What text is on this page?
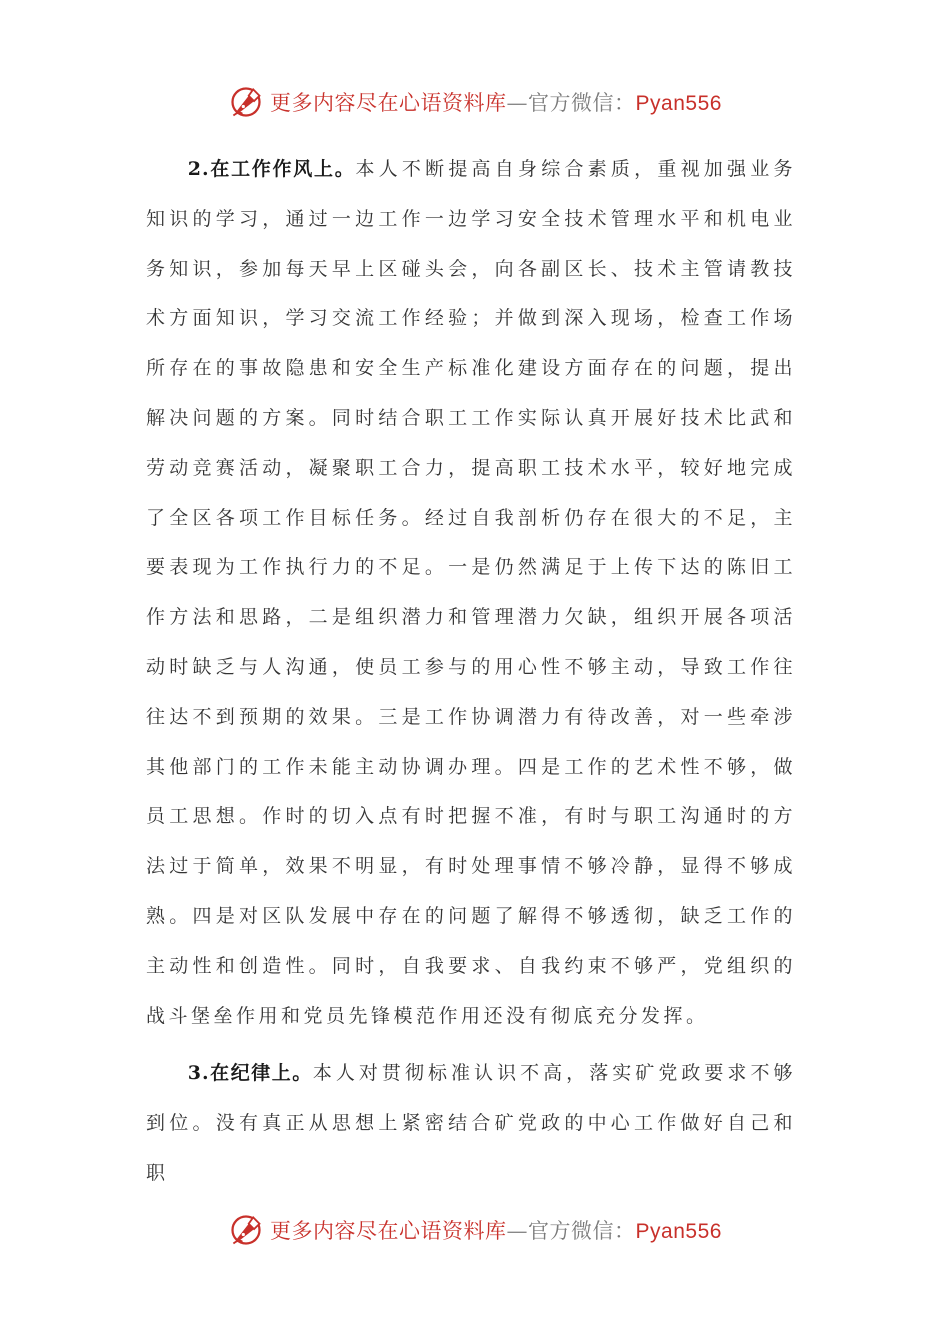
更多内容尽在心语资料库—官方微信：Pyan556

2.在工作作风上。本人不断提高自身综合素质，重视加强业务知识的学习，通过一边工作一边学习安全技术管理水平和机电业务知识，参加每天早上区碰头会，向各副区长、技术主管请教技术方面知识，学习交流工作经验；并做到深入现场，检查工作场所存在的事故隐患和安全生产标准化建设方面存在的问题，提出解决问题的方案。同时结合职工工作实际认真开展好技术比武和劳动竞赛活动，凝聚职工合力，提高职工技术水平，较好地完成了全区各项工作目标任务。经过自我剖析仍存在很大的不足，主要表现为工作执行力的不足。一是仍然满足于上传下达的陈旧工作方法和思路，二是组织潜力和管理潜力欠缺，组织开展各项活动时缺乏与人沟通，使员工参与的用心性不够主动，导致工作往往达不到预期的效果。三是工作协调潜力有待改善，对一些牵涉其他部门的工作未能主动协调办理。四是工作的艺术性不够，做员工思想。作时的切入点有时把握不准，有时与职工沟通时的方法过于简单，效果不明显，有时处理事情不够冷静，显得不够成熟。四是对区队发展中存在的问题了解得不够透彻，缺乏工作的主动性和创造性。同时，自我要求、自我约束不够严，党组织的战斗堡垒作用和党员先锋模范作用还没有彻底充分发挥。

3.在纪律上。本人对贯彻标准认识不高，落实矿党政要求不够到位。没有真正从思想上紧密结合矿党政的中心工作做好自己和职

更多内容尽在心语资料库—官方微信：Pyan556
